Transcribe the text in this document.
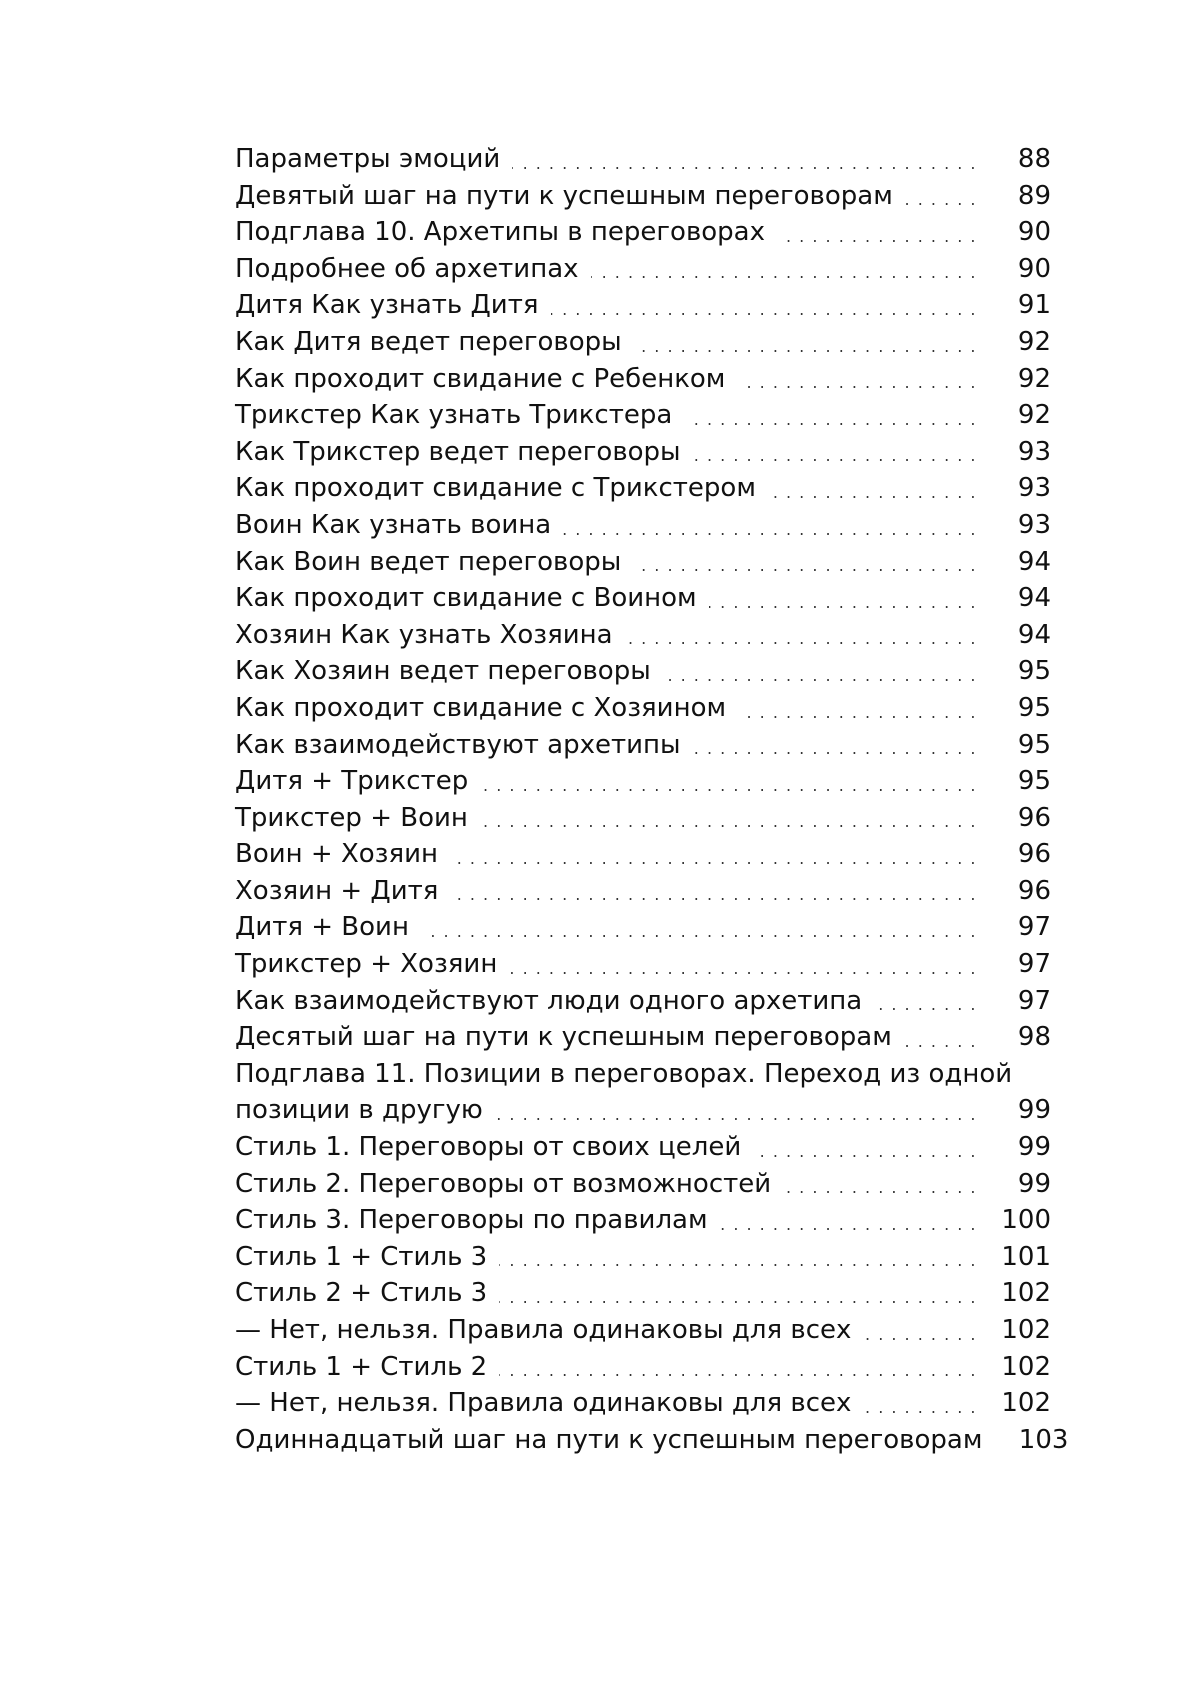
Параметры эмоций . . .	88
Девятый шаг на пути к успешным переговорам . . .	89
Подглава 10. Архетипы в переговорах . . .	90
Подробнее об архетипах . . .	90
Дитя Как узнать Дитя . . .	91
Как Дитя ведет переговоры . . .	92
Как проходит свидание с Ребенком . . .	92
Трикстер Как узнать Трикстера . . .	92
Как Трикстер ведет переговоры . . .	93
Как проходит свидание с Трикстером . . .	93
Воин Как узнать воина . . .	93
Как Воин ведет переговоры . . .	94
Как проходит свидание с Воином . . .	94
Хозяин Как узнать Хозяина . . .	94
Как Хозяин ведет переговоры . . .	95
Как проходит свидание с Хозяином . . .	95
Как взаимодействуют архетипы . . .	95
Дитя + Трикстер . . .	95
Трикстер + Воин . . .	96
Воин + Хозяин . . .	96
Хозяин + Дитя . . .	96
Дитя + Воин . . .	97
Трикстер + Хозяин . . .	97
Как взаимодействуют люди одного архетипа . . .	97
Десятый шаг на пути к успешным переговорам . . .	98
Подглава 11. Позиции в переговорах. Переход из одной
позиции в другую . . .	99
Стиль 1. Переговоры от своих целей . . .	99
Стиль 2. Переговоры от возможностей . . .	99
Стиль 3. Переговоры по правилам . . .	100
Стиль 1 + Стиль 3 . . .	101
Стиль 2 + Стиль 3 . . .	102
— Нет, нельзя. Правила одинаковы для всех . . .	102
Стиль 1 + Стиль 2 . . .	102
— Нет, нельзя. Правила одинаковы для всех . . .	102
Одиннадцатый шаг на пути к успешным переговорам	103
